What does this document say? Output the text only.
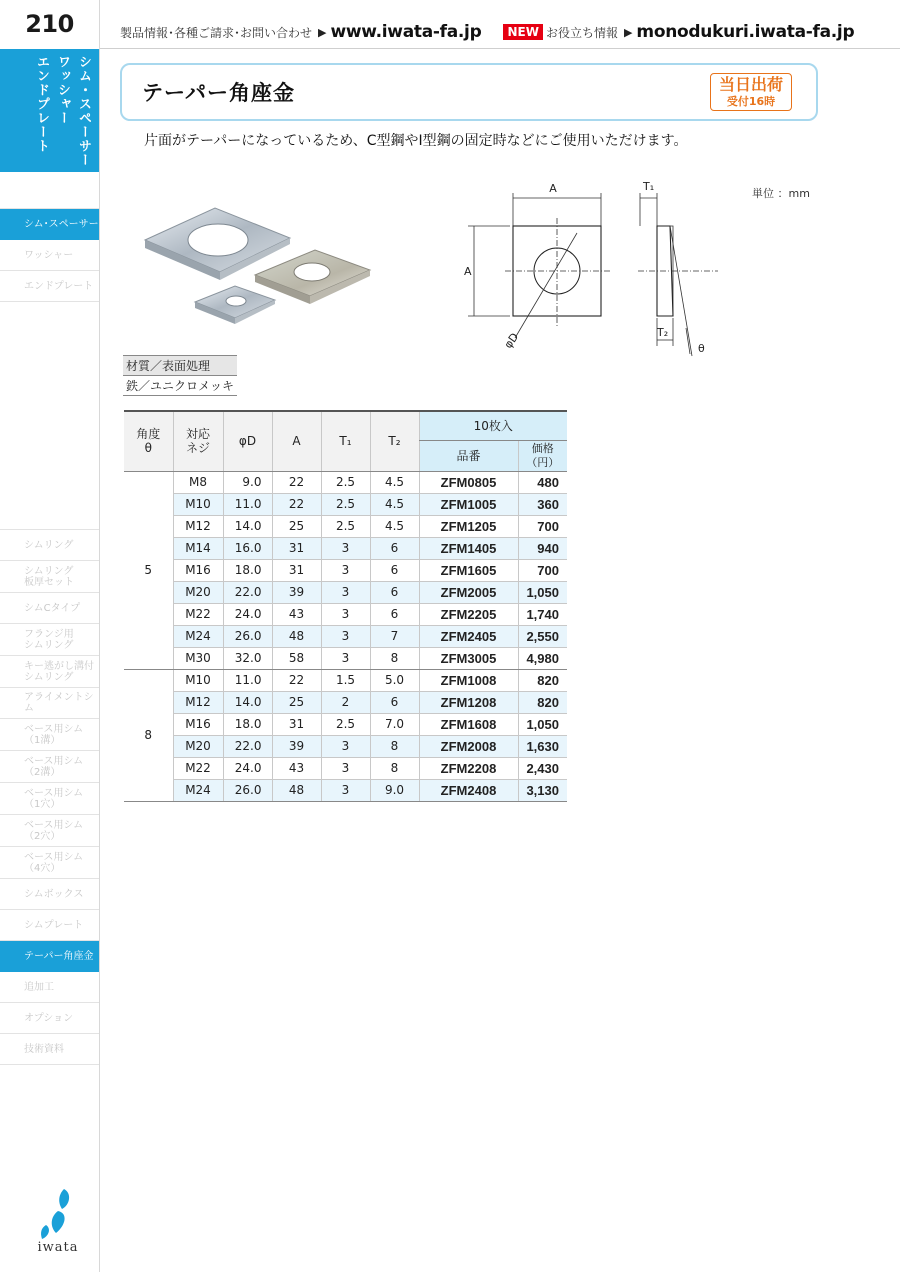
210	製品情報･各種ご請求･お問い合わせ ▶ www.iwata-fa.jp	NEW お役立ち情報 ▶ monodukuri.iwata-fa.jp
シム・スペーサー
ワッシャー
エンドプレート
シム･スペーサー
ワッシャー
エンドプレート
シムリング
シムリング
板厚セット
シムCタイプ
フランジ用
シムリング
キー逃がし溝付
シムリング
アライメントシム
ベース用シム
（1溝）
ベース用シム
（2溝）
ベース用シム
（1穴）
ベース用シム
（2穴）
ベース用シム
（4穴）
シムボックス
シムプレート
テーパー角座金
追加工
オプション
技術資料
テーパー角座金	当日出荷
受付16時
片面がテーパーになっているため、C型鋼やI型鋼の固定時などにご使用いただけます。
単位 ：mm
A
A
φD
T₁
T₂
θ
材質／表面処理
鉄／ユニクロメッキ
角度
θ	対応
ネジ	φD	A	T₁	T₂	10枚入	
						品番	価格
（円）
5	M8	9.0	22	2.5	4.5	ZFM0805	480
	M10	11.0	22	2.5	4.5	ZFM1005	360
	M12	14.0	25	2.5	4.5	ZFM1205	700
	M14	16.0	31	3	6	ZFM1405	940
	M16	18.0	31	3	6	ZFM1605	700
	M20	22.0	39	3	6	ZFM2005	1,050
	M22	24.0	43	3	6	ZFM2205	1,740
	M24	26.0	48	3	7	ZFM2405	2,550
	M30	32.0	58	3	8	ZFM3005	4,980
8	M10	11.0	22	1.5	5.0	ZFM1008	820
	M12	14.0	25	2	6	ZFM1208	820
	M16	18.0	31	2.5	7.0	ZFM1608	1,050
	M20	22.0	39	3	8	ZFM2008	1,630
	M22	24.0	43	3	8	ZFM2208	2,430
	M24	26.0	48	3	9.0	ZFM2408	3,130
iwata
